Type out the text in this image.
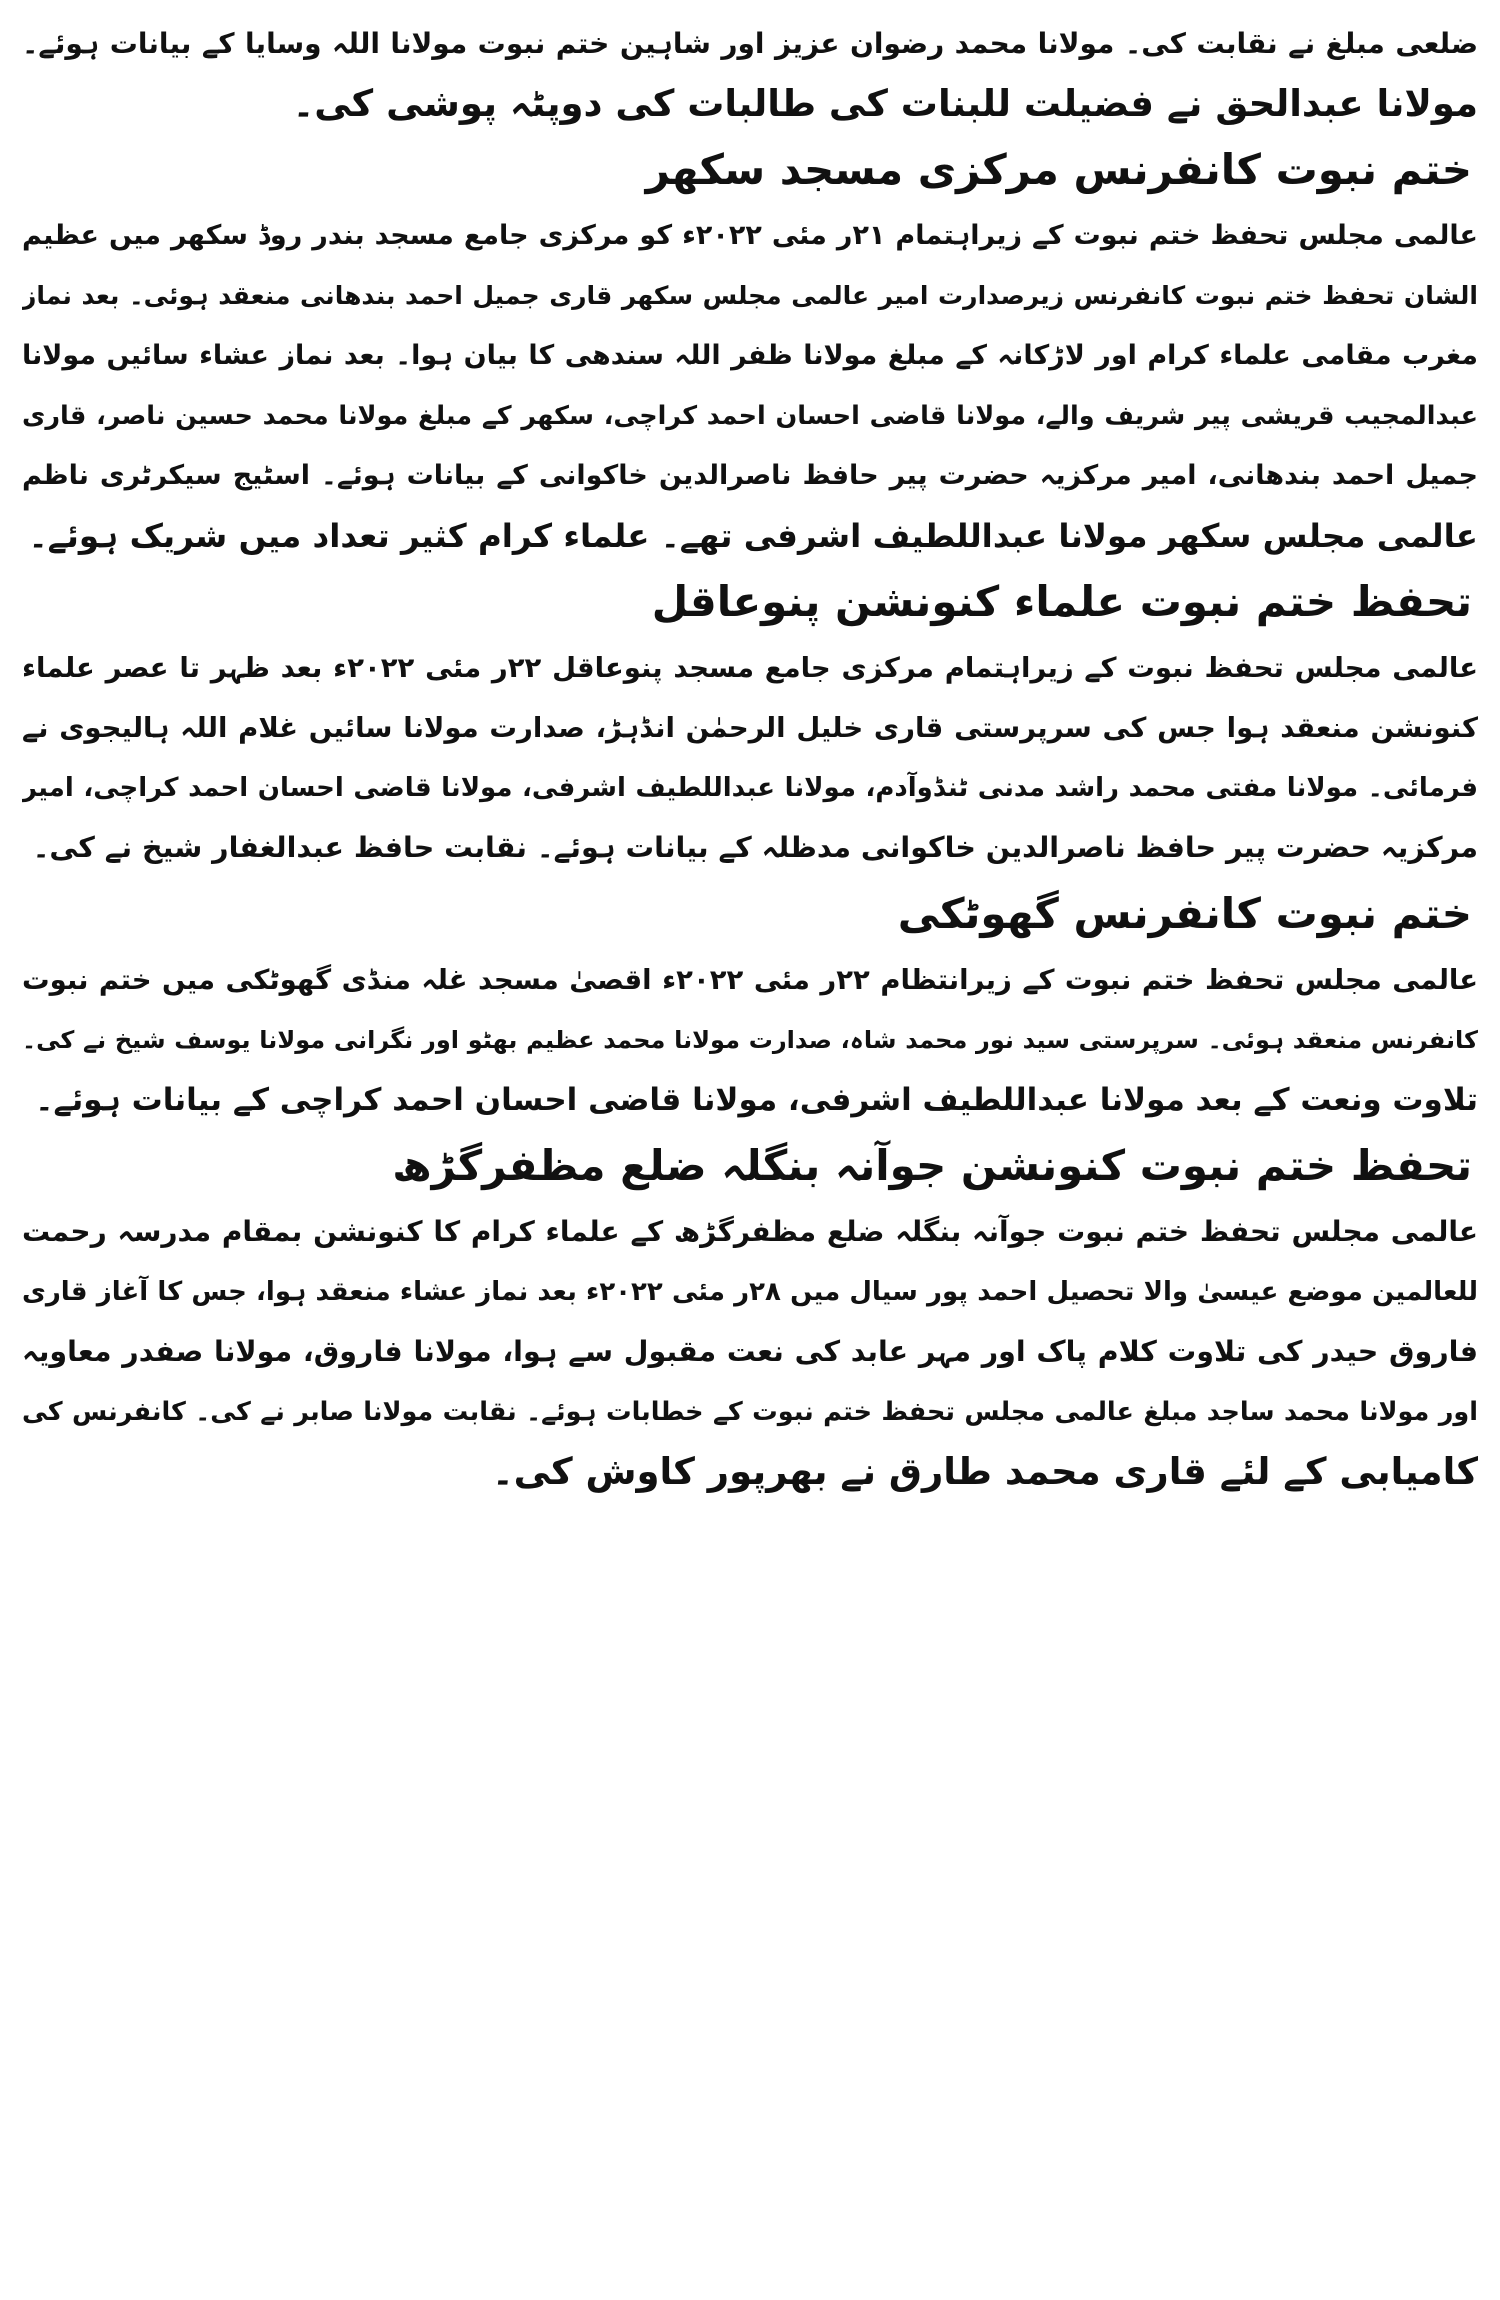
ضلعی مبلغ نے نقابت کی۔ مولانا محمد رضوان عزیز اور شاہین ختم نبوت مولانا اللہ وسایا کے بیانات ہوئے۔
مولانا عبدالحق نے فضیلت للبنات کی طالبات کی دوپٹہ پوشی کی۔
ختم نبوت کانفرنس مرکزی مسجد سکھر
عالمی مجلس تحفظ ختم نبوت کے زیراہتمام ۲۱ر مئی ۲۰۲۲ء کو مرکزی جامع مسجد بندر روڈ سکھر میں عظیم
الشان تحفظ ختم نبوت کانفرنس زیرصدارت امیر عالمی مجلس سکھر قاری جمیل احمد بندھانی منعقد ہوئی۔ بعد نماز
مغرب مقامی علماء کرام اور لاڑکانہ کے مبلغ مولانا ظفر اللہ سندھی کا بیان ہوا۔ بعد نماز عشاء سائیں مولانا
عبدالمجیب قریشی پیر شریف والے، مولانا قاضی احسان احمد کراچی، سکھر کے مبلغ مولانا محمد حسین ناصر، قاری
جمیل احمد بندھانی، امیر مرکزیہ حضرت پیر حافظ ناصرالدین خاکوانی کے بیانات ہوئے۔ اسٹیج سیکرٹری ناظم
عالمی مجلس سکھر مولانا عبداللطیف اشرفی تھے۔ علماء کرام کثیر تعداد میں شریک ہوئے۔
تحفظ ختم نبوت علماء کنونشن پنوعاقل
عالمی مجلس تحفظ نبوت کے زیراہتمام مرکزی جامع مسجد پنوعاقل ۲۲ر مئی ۲۰۲۲ء بعد ظہر تا عصر علماء
کنونشن منعقد ہوا جس کی سرپرستی قاری خلیل الرحمٰن انڈہڑ، صدارت مولانا سائیں غلام اللہ ہالیجوی نے
فرمائی۔ مولانا مفتی محمد راشد مدنی ٹنڈوآدم، مولانا عبداللطیف اشرفی، مولانا قاضی احسان احمد کراچی، امیر
مرکزیہ حضرت پیر حافظ ناصرالدین خاکوانی مدظلہ کے بیانات ہوئے۔ نقابت حافظ عبدالغفار شیخ نے کی۔
ختم نبوت کانفرنس گھوٹکی
عالمی مجلس تحفظ ختم نبوت کے زیرانتظام ۲۲ر مئی ۲۰۲۲ء اقصیٰ مسجد غلہ منڈی گھوٹکی میں ختم نبوت
کانفرنس منعقد ہوئی۔ سرپرستی سید نور محمد شاہ، صدارت مولانا محمد عظیم بھٹو اور نگرانی مولانا یوسف شیخ نے کی۔
تلاوت ونعت کے بعد مولانا عبداللطیف اشرفی، مولانا قاضی احسان احمد کراچی کے بیانات ہوئے۔
تحفظ ختم نبوت کنونشن جوآنہ بنگلہ ضلع مظفرگڑھ
عالمی مجلس تحفظ ختم نبوت جوآنہ بنگلہ ضلع مظفرگڑھ کے علماء کرام کا کنونشن بمقام مدرسہ رحمت
للعالمین موضع عیسیٰ والا تحصیل احمد پور سیال میں ۲۸ر مئی ۲۰۲۲ء بعد نماز عشاء منعقد ہوا، جس کا آغاز قاری
فاروق حیدر کی تلاوت کلام پاک اور مہر عابد کی نعت مقبول سے ہوا، مولانا فاروق، مولانا صفدر معاویہ
اور مولانا محمد ساجد مبلغ عالمی مجلس تحفظ ختم نبوت کے خطابات ہوئے۔ نقابت مولانا صابر نے کی۔ کانفرنس کی
کامیابی کے لئے قاری محمد طارق نے بھرپور کاوش کی۔
